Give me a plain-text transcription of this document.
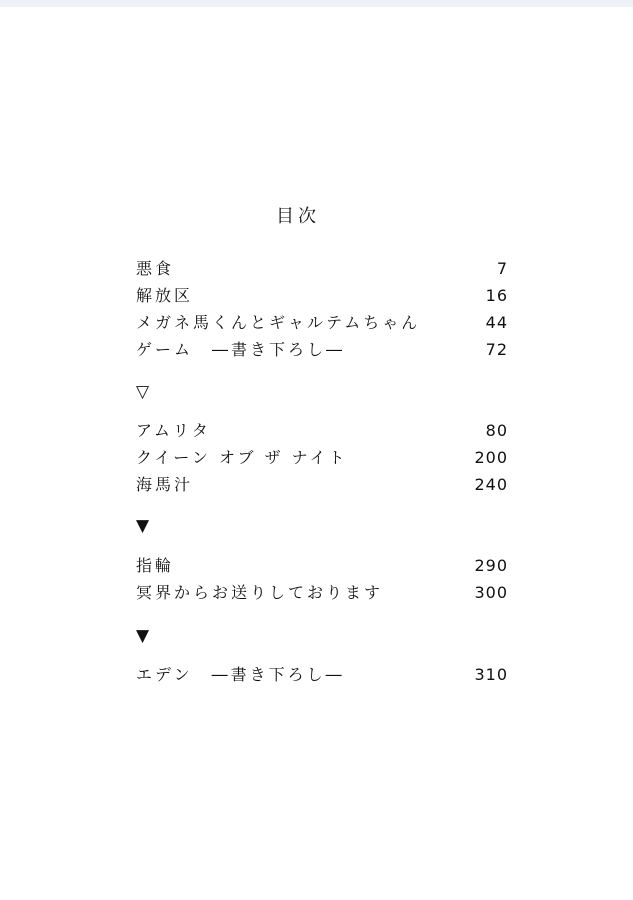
目次
悪食	7
解放区	16
メガネ馬くんとギャルテムちゃん	44
ゲーム　―書き下ろし―	72
▽
アムリタ	80
クイーン オブ ザ ナイト	200
海馬汁	240
▼
指輪	290
冥界からお送りしております	300
▼
エデン　―書き下ろし―	310
